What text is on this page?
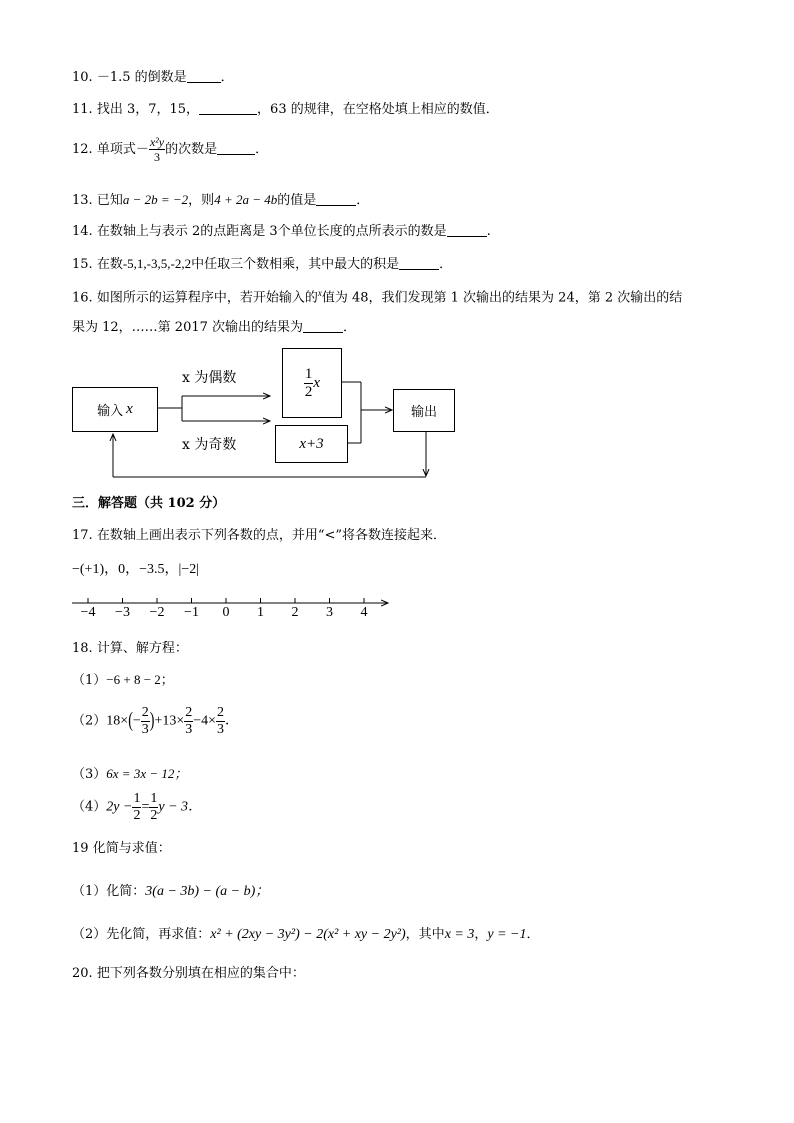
10. －1.5 的倒数是	．
11. 找出 3，7，15，	，63 的规律，在空格处填上相应的数值．
12. 单项式－ $\frac{\text{x²y}}{3}$ 的次数是	．
13. 已知a − 2b = −2，则4 + 2a − 4b的值是	．
14. 在数轴上与表示 2的点距离是 3个单位长度的点所表示的数是	.
15. 在数-5,1,-3,5,-2,2中任取三个数相乘，其中最大的积是	．
16. 如图所示的运算程序中，若开始输入的$^x$值为 48，我们发现第 1 次输出的结果为 24，第 2 次输出的结
果为 12，……第 2017 次输出的结果为	．
输入 x
$\frac{1}{2}$ x
x+3
输出
x 为偶数
x 为奇数
三．解答题（共 102 分）
17. 在数轴上画出表示下列各数的点，并用“<”将各数连接起来．
−(+1)，0，−3.5，|−2|
−4 −3 −2 −1	0	1	2	3	4
18. 计算、解方程：
（1）−6 + 8 − 2；
$(2)18\times(- \frac{2}{3} )+13\times \frac{2}{3} -4\times \frac{2}{3}$ ．
（3）6x = 3x − 12；
$(4)2y - \frac{1}{2} = \frac{1}{2}$ y − 3．
19 化简与求值：
（1）化简：3(a − 3b) − (a − b)；
（2）先化简，再求值：x² + (2xy − 3y²) − 2(x² + xy − 2y²)，其中x = 3，y = −1．
20. 把下列各数分别填在相应的集合中：
